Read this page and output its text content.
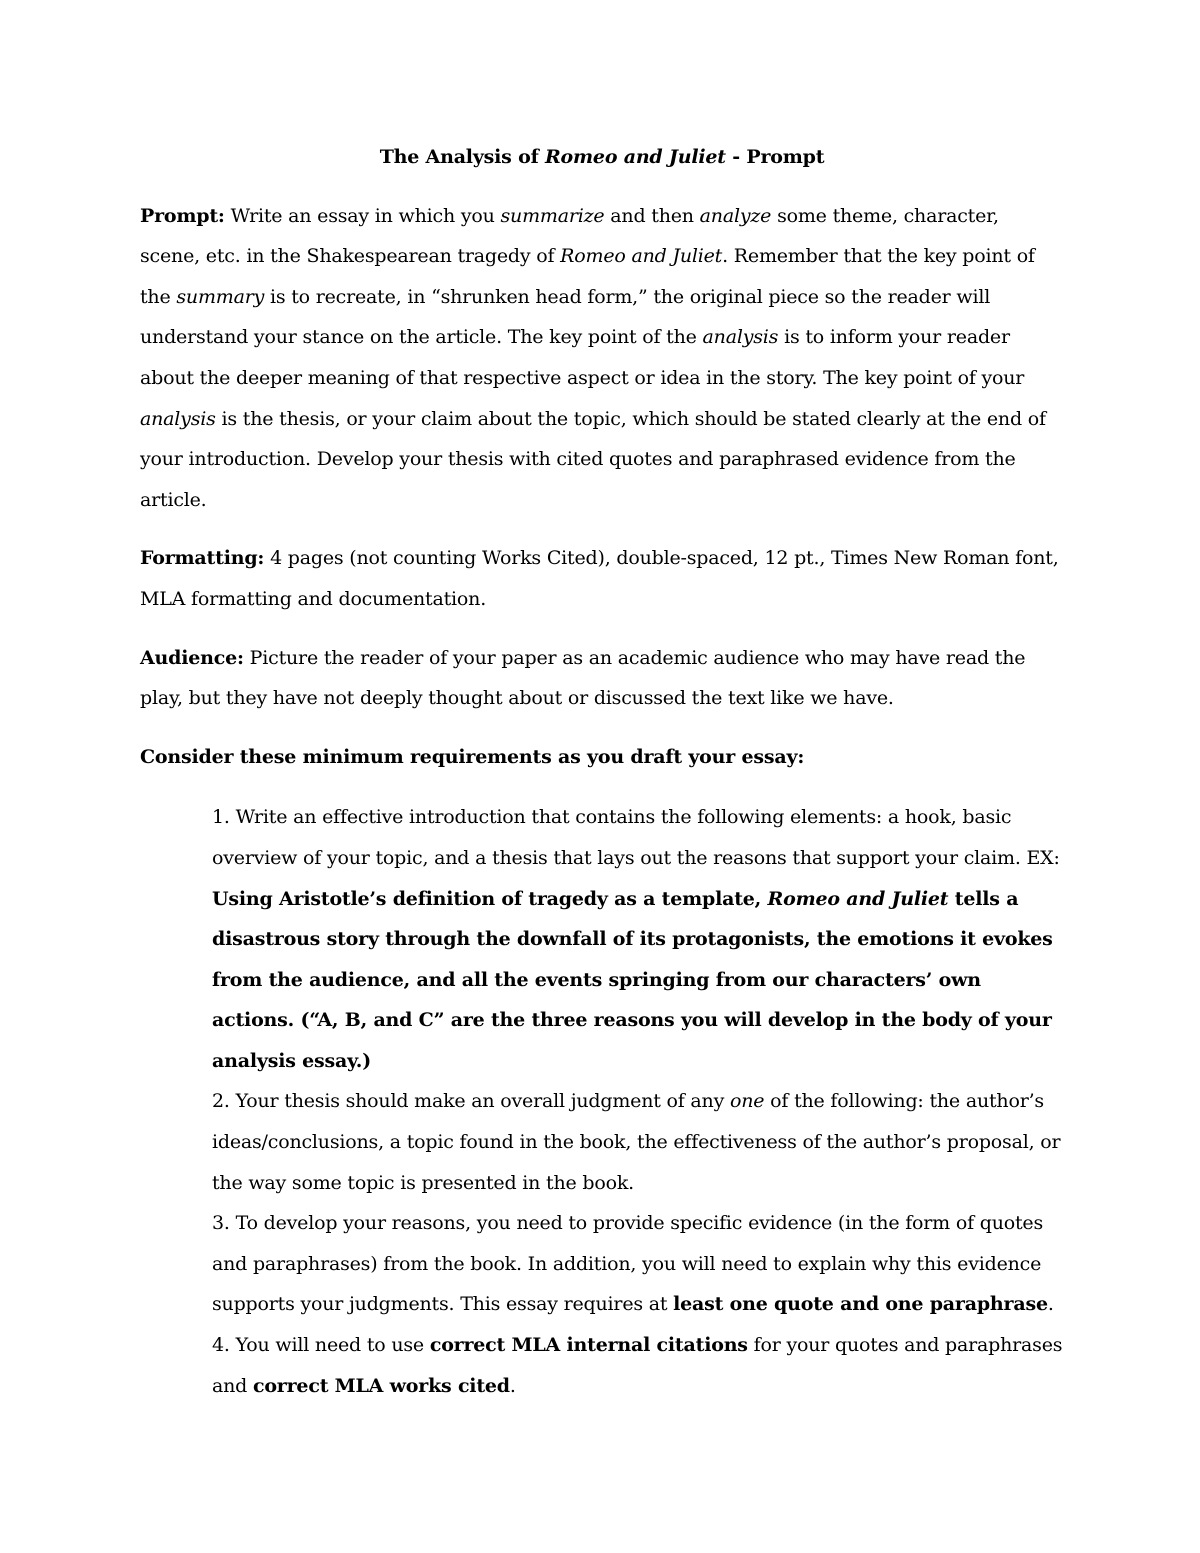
The Analysis of Romeo and Juliet - Prompt
Prompt: Write an essay in which you summarize and then analyze some theme, character, scene, etc. in the Shakespearean tragedy of Romeo and Juliet. Remember that the key point of the summary is to recreate, in “shrunken head form,” the original piece so the reader will understand your stance on the article. The key point of the analysis is to inform your reader about the deeper meaning of that respective aspect or idea in the story. The key point of your analysis is the thesis, or your claim about the topic, which should be stated clearly at the end of your introduction. Develop your thesis with cited quotes and paraphrased evidence from the article.
Formatting: 4 pages (not counting Works Cited), double-spaced, 12 pt., Times New Roman font, MLA formatting and documentation.
Audience: Picture the reader of your paper as an academic audience who may have read the play, but they have not deeply thought about or discussed the text like we have.
Consider these minimum requirements as you draft your essay:
1. Write an effective introduction that contains the following elements: a hook, basic overview of your topic, and a thesis that lays out the reasons that support your claim. EX: Using Aristotle’s definition of tragedy as a template, Romeo and Juliet tells a disastrous story through the downfall of its protagonists, the emotions it evokes from the audience, and all the events springing from our characters’ own actions. (“A, B, and C” are the three reasons you will develop in the body of your analysis essay.)
2. Your thesis should make an overall judgment of any one of the following: the author’s ideas/conclusions, a topic found in the book, the effectiveness of the author’s proposal, or the way some topic is presented in the book.
3. To develop your reasons, you need to provide specific evidence (in the form of quotes and paraphrases) from the book. In addition, you will need to explain why this evidence supports your judgments. This essay requires at least one quote and one paraphrase.
4. You will need to use correct MLA internal citations for your quotes and paraphrases and correct MLA works cited.
